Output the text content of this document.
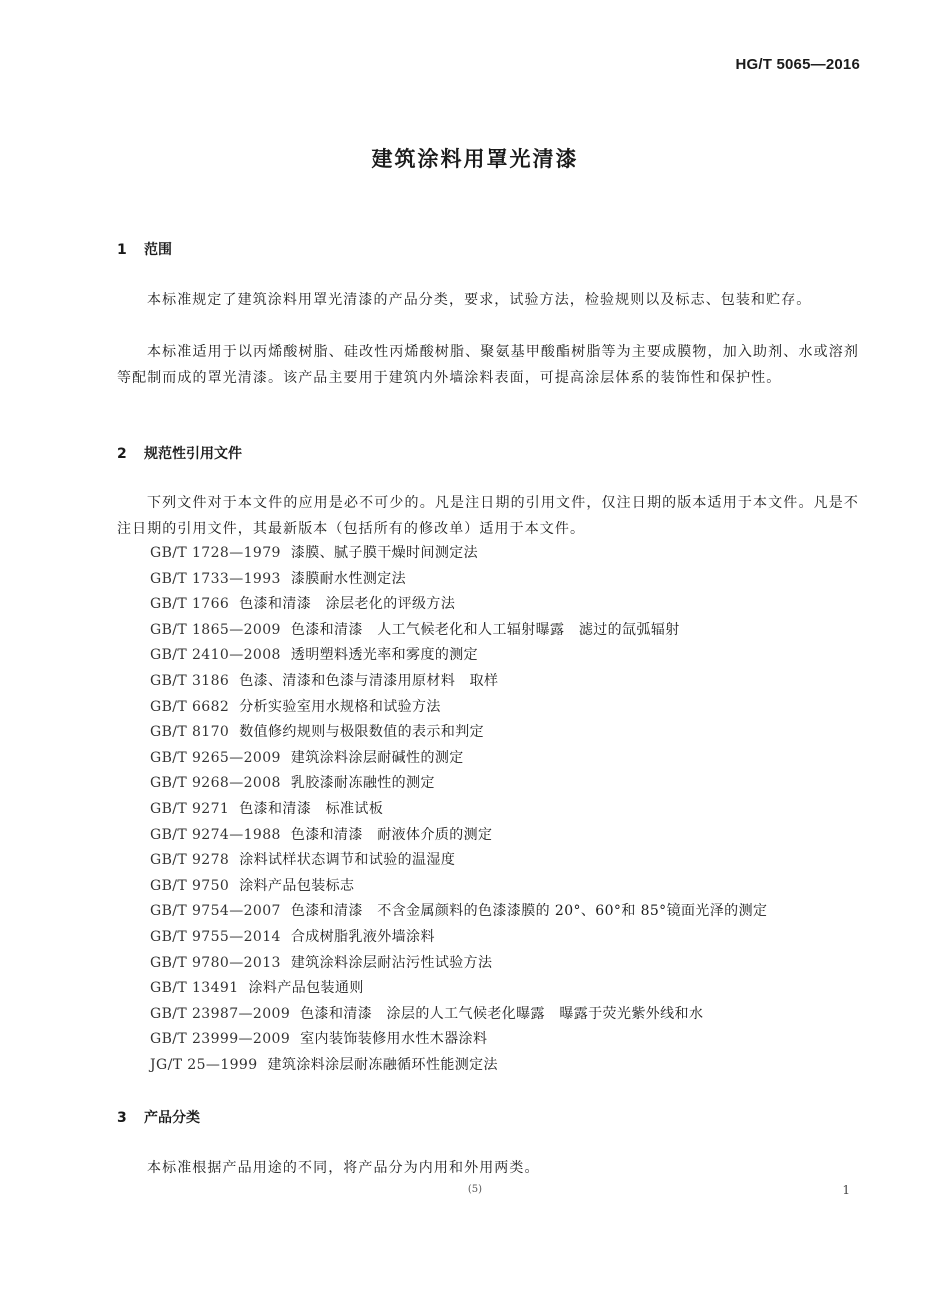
HG/T 5065—2016
建筑涂料用罩光清漆
1 范围
本标准规定了建筑涂料用罩光清漆的产品分类，要求，试验方法，检验规则以及标志、包装和贮存。
本标准适用于以丙烯酸树脂、硅改性丙烯酸树脂、聚氨基甲酸酯树脂等为主要成膜物，加入助剂、水或溶剂等配制而成的罩光清漆。该产品主要用于建筑内外墙涂料表面，可提高涂层体系的装饰性和保护性。
2 规范性引用文件
下列文件对于本文件的应用是必不可少的。凡是注日期的引用文件，仅注日期的版本适用于本文件。凡是不注日期的引用文件，其最新版本（包括所有的修改单）适用于本文件。
GB/T 1728—1979 漆膜、腻子膜干燥时间测定法
GB/T 1733—1993 漆膜耐水性测定法
GB/T 1766 色漆和清漆　涂层老化的评级方法
GB/T 1865—2009 色漆和清漆　人工气候老化和人工辐射曝露　滤过的氙弧辐射
GB/T 2410—2008 透明塑料透光率和雾度的测定
GB/T 3186 色漆、清漆和色漆与清漆用原材料　取样
GB/T 6682 分析实验室用水规格和试验方法
GB/T 8170 数值修约规则与极限数值的表示和判定
GB/T 9265—2009 建筑涂料涂层耐碱性的测定
GB/T 9268—2008 乳胶漆耐冻融性的测定
GB/T 9271 色漆和清漆　标准试板
GB/T 9274—1988 色漆和清漆　耐液体介质的测定
GB/T 9278 涂料试样状态调节和试验的温湿度
GB/T 9750 涂料产品包装标志
GB/T 9754—2007 色漆和清漆　不含金属颜料的色漆漆膜的 20°、60°和 85°镜面光泽的测定
GB/T 9755—2014 合成树脂乳液外墙涂料
GB/T 9780—2013 建筑涂料涂层耐沾污性试验方法
GB/T 13491 涂料产品包装通则
GB/T 23987—2009 色漆和清漆　涂层的人工气候老化曝露　曝露于荧光紫外线和水
GB/T 23999—2009 室内装饰装修用水性木器涂料
JG/T 25—1999 建筑涂料涂层耐冻融循环性能测定法
3 产品分类
本标准根据产品用途的不同，将产品分为内用和外用两类。
(5)	1
